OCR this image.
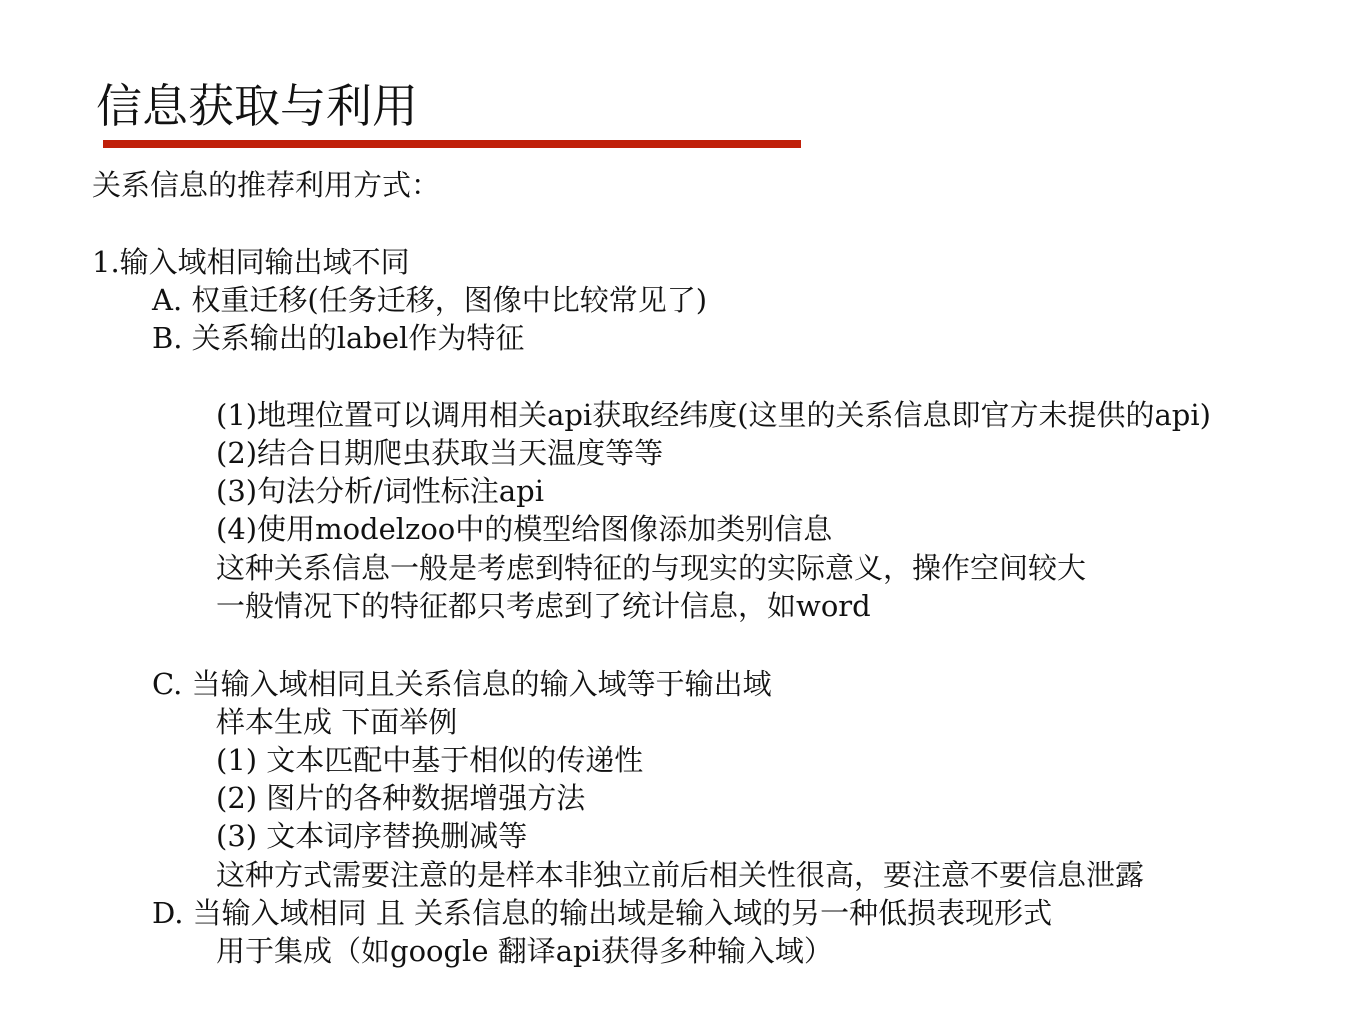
信息获取与利用
关系信息的推荐利用方式：
1.输入域相同输出域不同
A. 权重迁移(任务迁移，图像中比较常见了)
B. 关系输出的label作为特征
(1)地理位置可以调用相关api获取经纬度(这里的关系信息即官方未提供的api)
(2)结合日期爬虫获取当天温度等等
(3)句法分析/词性标注api
(4)使用modelzoo中的模型给图像添加类别信息
这种关系信息一般是考虑到特征的与现实的实际意义，操作空间较大
一般情况下的特征都只考虑到了统计信息，如word
C. 当输入域相同且关系信息的输入域等于输出域
样本生成 下面举例
(1) 文本匹配中基于相似的传递性
(2) 图片的各种数据增强方法
(3) 文本词序替换删减等
这种方式需要注意的是样本非独立前后相关性很高，要注意不要信息泄露
D. 当输入域相同 且 关系信息的输出域是输入域的另一种低损表现形式
用于集成（如google 翻译api获得多种输入域）
